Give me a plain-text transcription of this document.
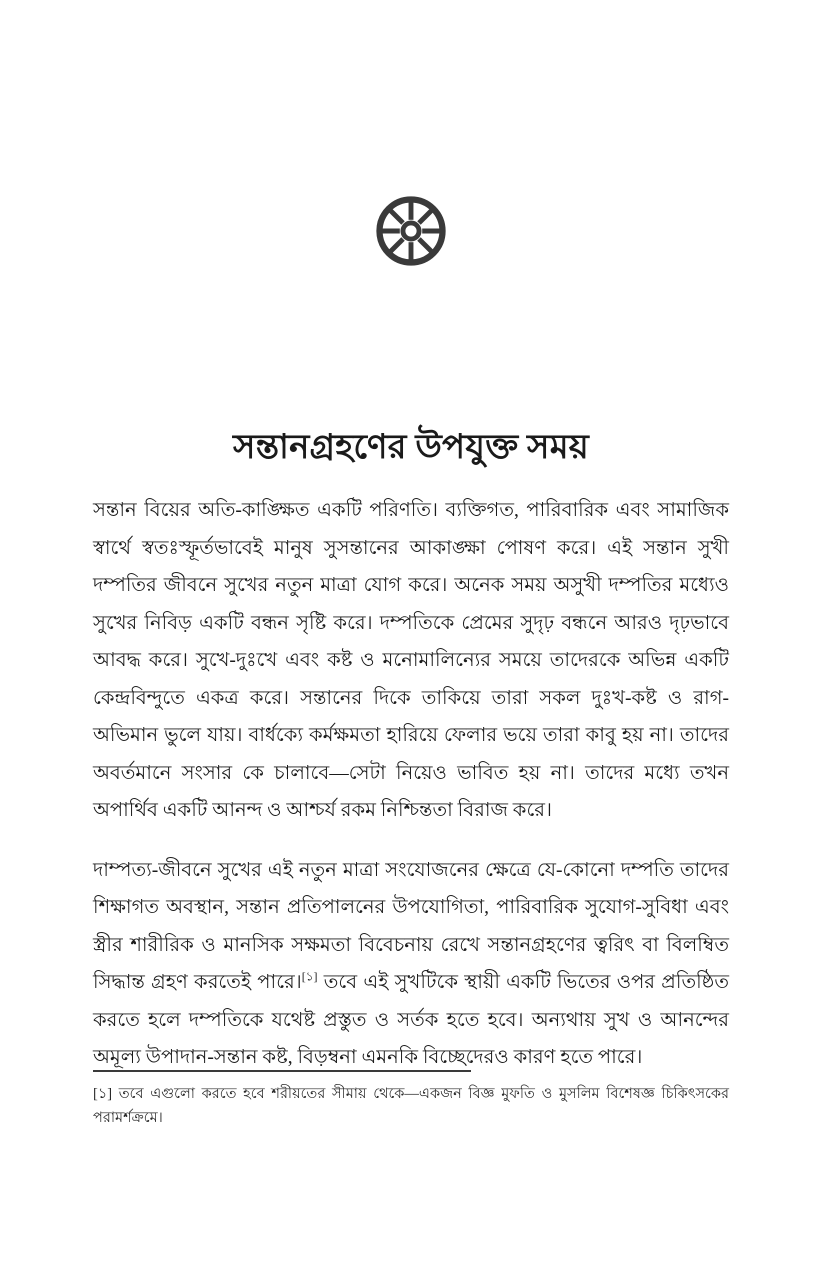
সন্তানগ্রহণের উপযুক্ত সময়

সন্তান বিয়ের অতি-কাঙ্ক্ষিত একটি পরিণতি। ব্যক্তিগত, পারিবারিক এবং সামাজিক স্বার্থে স্বতঃস্ফূর্তভাবেই মানুষ সুসন্তানের আকাঙ্ক্ষা পোষণ করে। এই সন্তান সুখী দম্পতির জীবনে সুখের নতুন মাত্রা যোগ করে। অনেক সময় অসুখী দম্পতির মধ্যেও সুখের নিবিড় একটি বন্ধন সৃষ্টি করে। দম্পতিকে প্রেমের সুদৃঢ় বন্ধনে আরও দৃঢ়ভাবে আবদ্ধ করে। সুখে-দুঃখে এবং কষ্ট ও মনোমালিন্যের সময়ে তাদেরকে অভিন্ন একটি কেন্দ্রবিন্দুতে একত্র করে। সন্তানের দিকে তাকিয়ে তারা সকল দুঃখ-কষ্ট ও রাগ-অভিমান ভুলে যায়। বার্ধক্যে কর্মক্ষমতা হারিয়ে ফেলার ভয়ে তারা কাবু হয় না। তাদের অবর্তমানে সংসার কে চালাবে—সেটা নিয়েও ভাবিত হয় না। তাদের মধ্যে তখন অপার্থিব একটি আনন্দ ও আশ্চর্য রকম নিশ্চিন্ততা বিরাজ করে।

দাম্পত্য-জীবনে সুখের এই নতুন মাত্রা সংযোজনের ক্ষেত্রে যে-কোনো দম্পতি তাদের শিক্ষাগত অবস্থান, সন্তান প্রতিপালনের উপযোগিতা, পারিবারিক সুযোগ-সুবিধা এবং স্ত্রীর শারীরিক ও মানসিক সক্ষমতা বিবেচনায় রেখে সন্তানগ্রহণের ত্বরিৎ বা বিলম্বিত সিদ্ধান্ত গ্রহণ করতেই পারে।[১] তবে এই সুখটিকে স্থায়ী একটি ভিতের ওপর প্রতিষ্ঠিত করতে হলে দম্পতিকে যথেষ্ট প্রস্তুত ও সর্তক হতে হবে। অন্যথায় সুখ ও আনন্দের অমূল্য উপাদান-সন্তান কষ্ট, বিড়ম্বনা এমনকি বিচ্ছেদেরও কারণ হতে পারে।

[১] তবে এগুলো করতে হবে শরীয়তের সীমায় থেকে—একজন বিজ্ঞ মুফতি ও মুসলিম বিশেষজ্ঞ চিকিৎসকের পরামর্শক্রমে।
